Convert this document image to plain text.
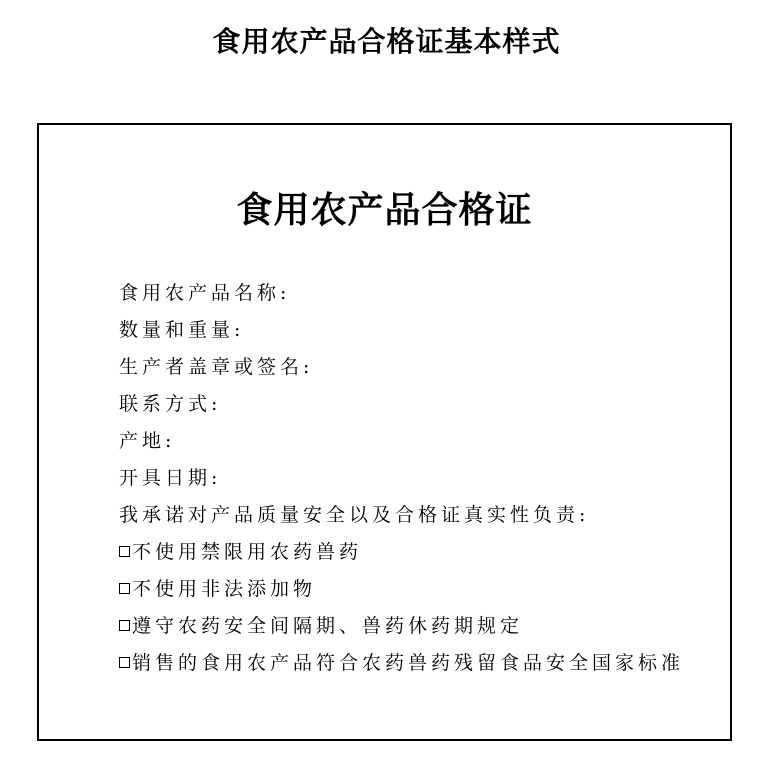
食用农产品合格证基本样式
食用农产品合格证
食用农产品名称:
数量和重量:
生产者盖章或签名:
联系方式:
产地:
开具日期:
我承诺对产品质量安全以及合格证真实性负责:
不使用禁限用农药兽药
不使用非法添加物
遵守农药安全间隔期、兽药休药期规定
销售的食用农产品符合农药兽药残留食品安全国家标准
